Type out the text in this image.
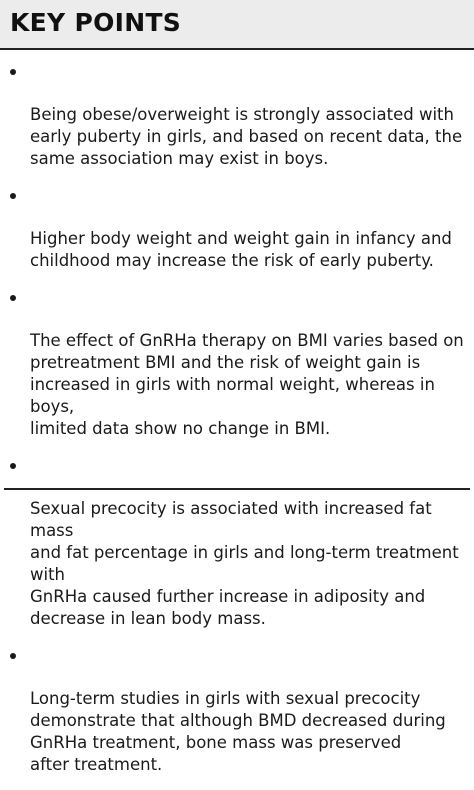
KEY POINTS

Being obese/overweight is strongly associated with
early puberty in girls, and based on recent data, the
same association may exist in boys.

Higher body weight and weight gain in infancy and
childhood may increase the risk of early puberty.

The effect of GnRHa therapy on BMI varies based on
pretreatment BMI and the risk of weight gain is
increased in girls with normal weight, whereas in boys,
limited data show no change in BMI.

Sexual precocity is associated with increased fat mass
and fat percentage in girls and long-term treatment with
GnRHa caused further increase in adiposity and
decrease in lean body mass.

Long-term studies in girls with sexual precocity
demonstrate that although BMD decreased during
GnRHa treatment, bone mass was preserved
after treatment.
